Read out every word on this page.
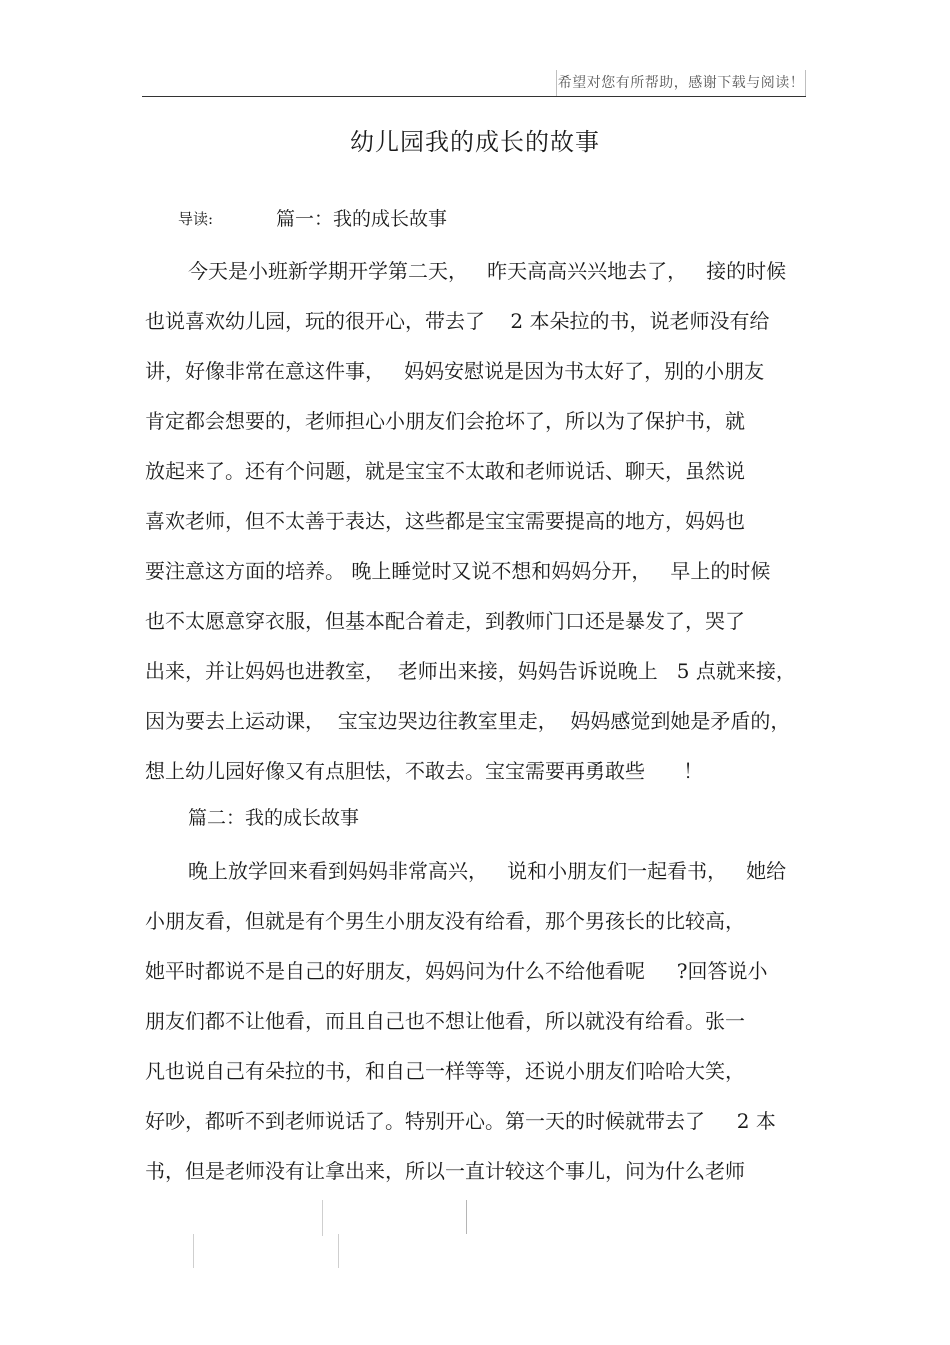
希望对您有所帮助，感谢下载与阅读！
幼儿园我的成长的故事
导读:	篇一：我的成长故事
今天是小班新学期开学第二天，   昨天高高兴兴地去了，   接的时候
也说喜欢幼儿园，玩的很开心，带去了    2 本朵拉的书，说老师没有给
讲，好像非常在意这件事，   妈妈安慰说是因为书太好了，别的小朋友
肯定都会想要的，老师担心小朋友们会抢坏了，所以为了保护书，就
放起来了。还有个问题，就是宝宝不太敢和老师说话、聊天，虽然说
喜欢老师，但不太善于表达，这些都是宝宝需要提高的地方，妈妈也
要注意这方面的培养。 晚上睡觉时又说不想和妈妈分开，   早上的时候
也不太愿意穿衣服，但基本配合着走，到教师门口还是暴发了，哭了
出来，并让妈妈也进教室，  老师出来接，妈妈告诉说晚上   5 点就来接，
因为要去上运动课，  宝宝边哭边往教室里走，  妈妈感觉到她是矛盾的，
想上幼儿园好像又有点胆怯，不敢去。宝宝需要再勇敢些      ！
篇二：我的成长故事
晚上放学回来看到妈妈非常高兴，   说和小朋友们一起看书，   她给
小朋友看，但就是有个男生小朋友没有给看，那个男孩长的比较高，
她平时都说不是自己的好朋友，妈妈问为什么不给他看呢     ?回答说小
朋友们都不让他看，而且自己也不想让他看，所以就没有给看。张一
凡也说自己有朵拉的书，和自己一样等等，还说小朋友们哈哈大笑，
好吵，都听不到老师说话了。特别开心。第一天的时候就带去了     2 本
书，但是老师没有让拿出来，所以一直计较这个事儿，问为什么老师
